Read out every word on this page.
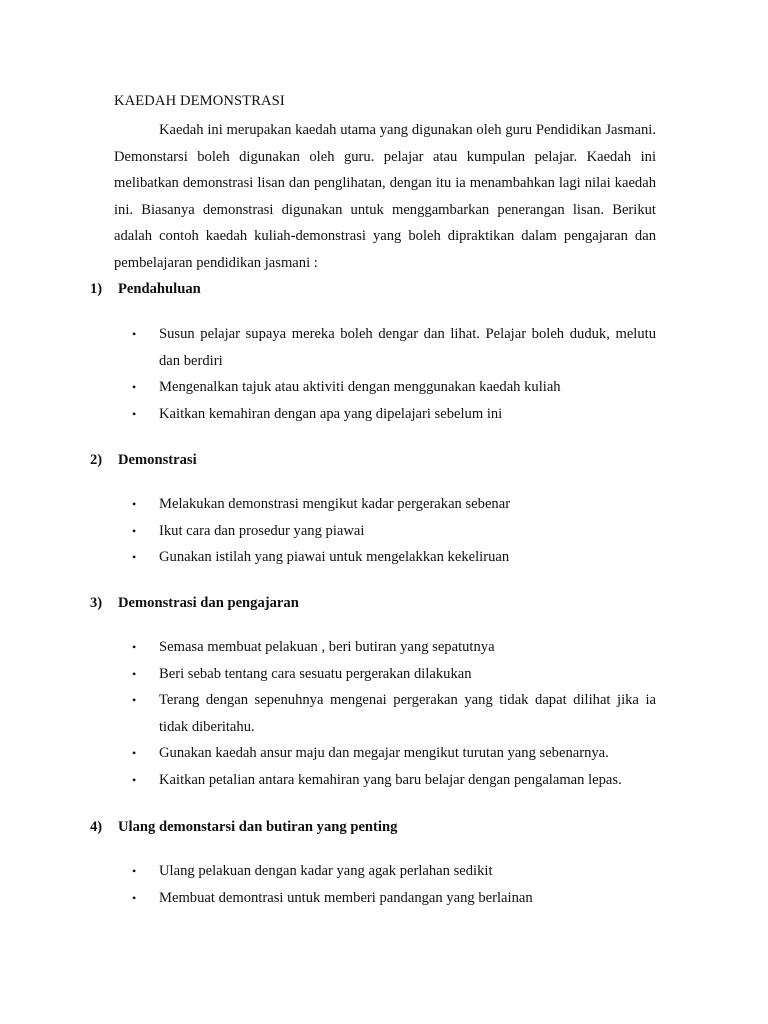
KAEDAH DEMONSTRASI

Kaedah ini merupakan kaedah utama yang digunakan oleh guru Pendidikan Jasmani. Demonstarsi boleh digunakan oleh guru. pelajar atau kumpulan pelajar. Kaedah ini melibatkan demonstrasi lisan dan penglihatan, dengan itu ia menambahkan lagi nilai kaedah ini. Biasanya demonstrasi digunakan untuk menggambarkan penerangan lisan. Berikut adalah contoh kaedah kuliah-demonstrasi yang boleh dipraktikan dalam pengajaran dan pembelajaran pendidikan jasmani :

1) Pendahuluan
• Susun pelajar supaya mereka boleh dengar dan lihat. Pelajar boleh duduk, melutu dan berdiri
• Mengenalkan tajuk atau aktiviti dengan menggunakan kaedah kuliah
• Kaitkan kemahiran dengan apa yang dipelajari sebelum ini
2) Demonstrasi
• Melakukan demonstrasi mengikut kadar pergerakan sebenar
• Ikut cara dan prosedur yang piawai
• Gunakan istilah yang piawai untuk mengelakkan kekeliruan
3) Demonstrasi dan pengajaran
• Semasa membuat pelakuan , beri butiran yang sepatutnya
• Beri sebab tentang cara sesuatu pergerakan dilakukan
• Terang dengan sepenuhnya mengenai pergerakan yang tidak dapat dilihat jika ia tidak diberitahu.
• Gunakan kaedah ansur maju dan megajar mengikut turutan yang sebenarnya.
• Kaitkan petalian antara kemahiran yang baru belajar dengan pengalaman lepas.
4) Ulang demonstarsi dan butiran yang penting
• Ulang pelakuan dengan kadar yang agak perlahan sedikit
• Membuat demontrasi untuk memberi pandangan yang berlainan
